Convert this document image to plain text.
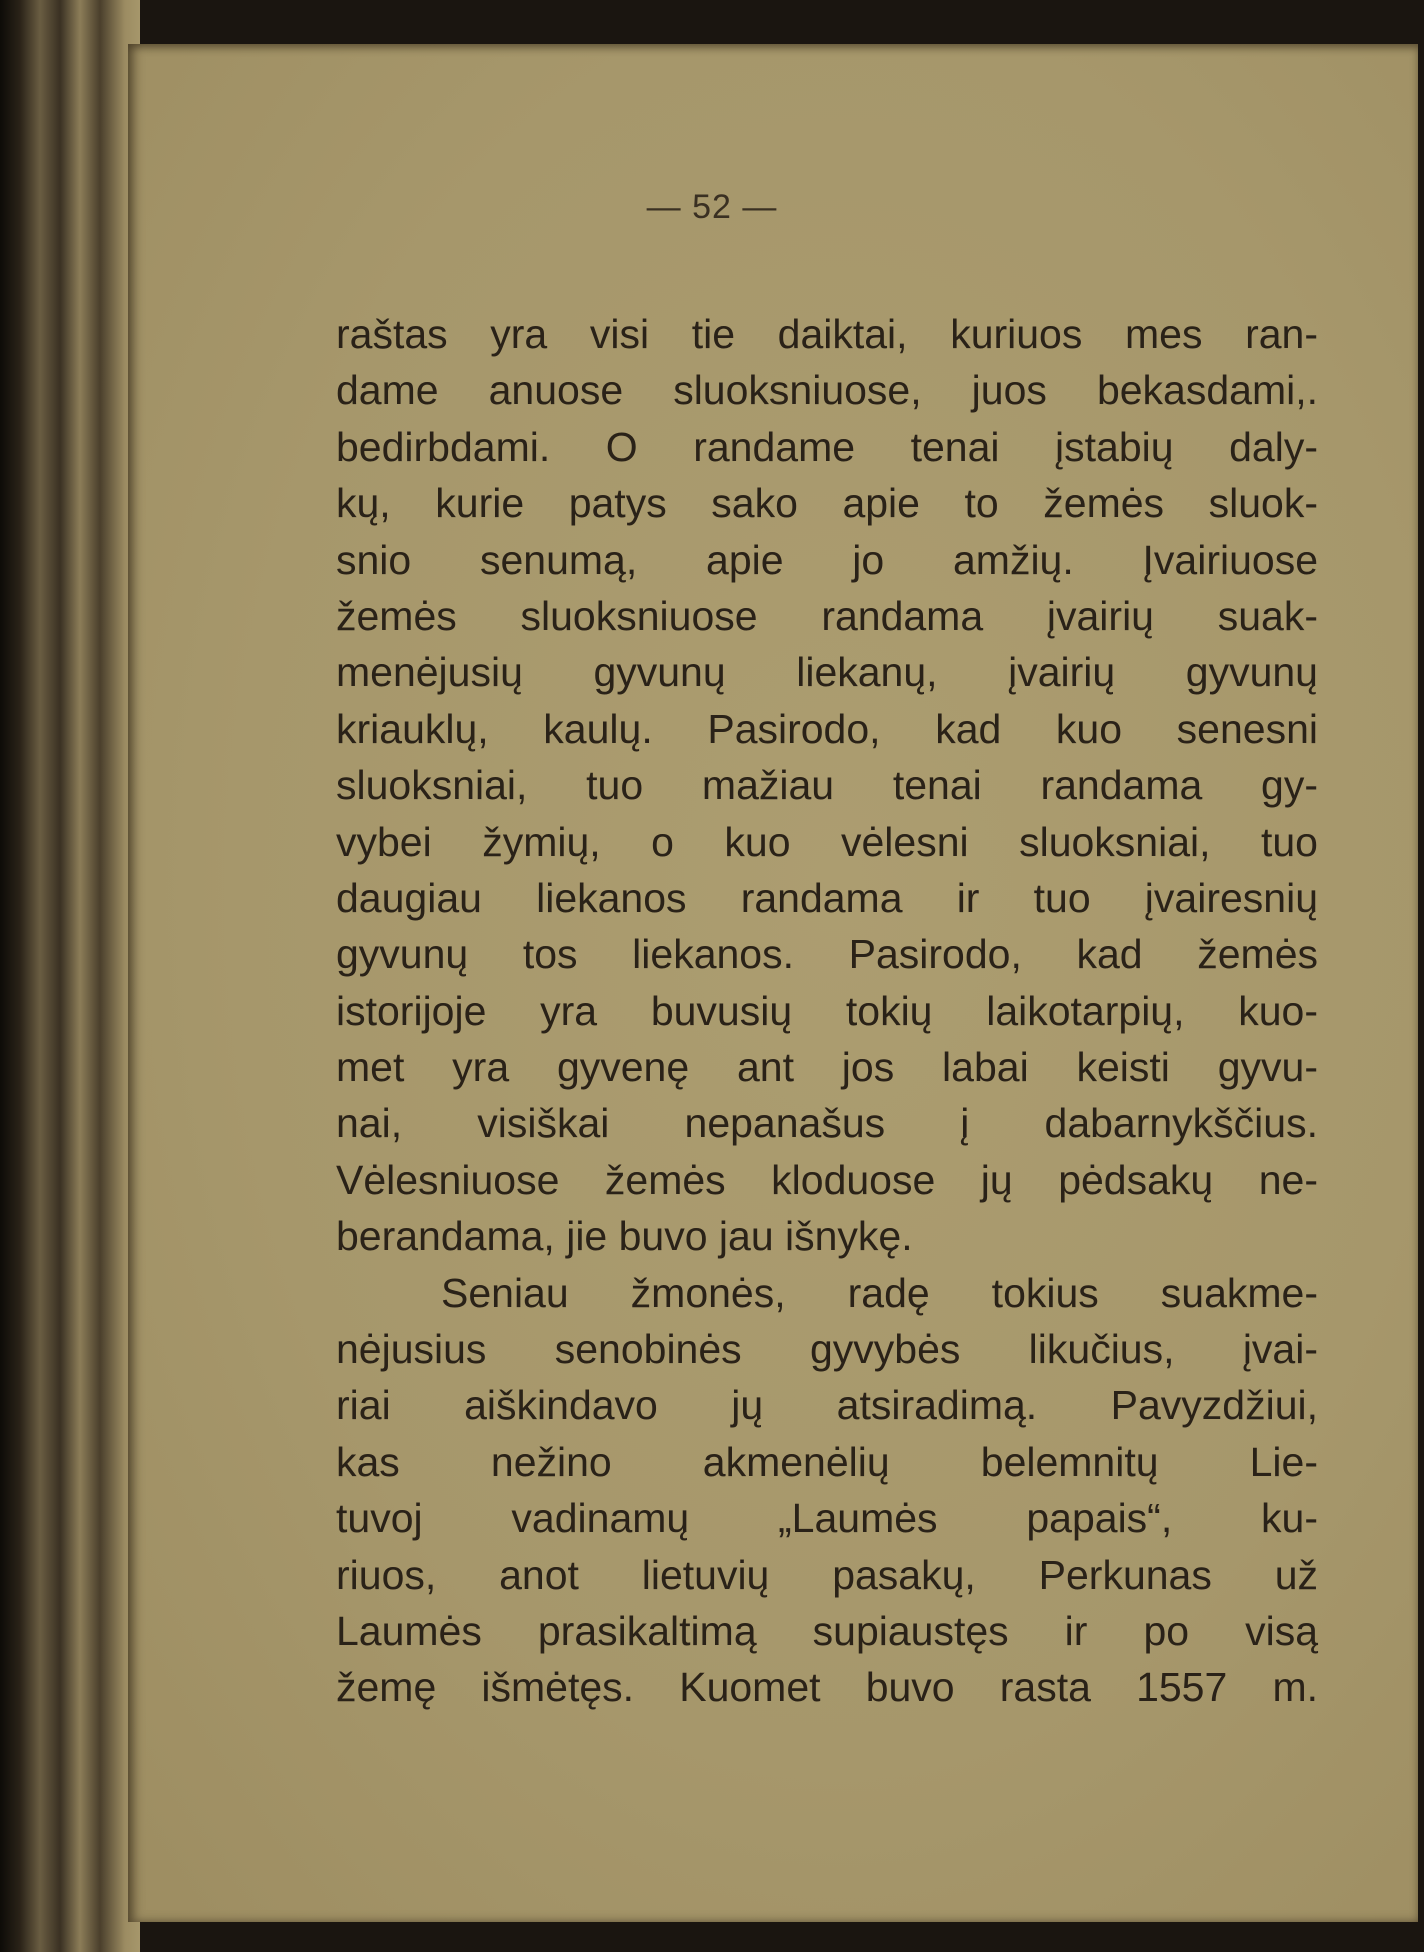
— 52 —
raštas yra visi tie daiktai, kuriuos mes ran-
dame anuose sluoksniuose, juos bekasdami,.
bedirbdami. O randame tenai įstabių daly-
kų, kurie patys sako apie to žemės sluok-
snio senumą, apie jo amžių. Įvairiuose
žemės sluoksniuose randama įvairių suak-
menėjusių gyvunų liekanų, įvairių gyvunų
kriauklų, kaulų. Pasirodo, kad kuo senesni
sluoksniai, tuo mažiau tenai randama gy-
vybei žymių, o kuo vėlesni sluoksniai, tuo
daugiau liekanos randama ir tuo įvairesnių
gyvunų tos liekanos. Pasirodo, kad žemės
istorijoje yra buvusių tokių laikotarpių, kuo-
met yra gyvenę ant jos labai keisti gyvu-
nai, visiškai nepanašus į dabarnykščius.
Vėlesniuose žemės kloduose jų pėdsakų ne-
berandama, jie buvo jau išnykę.
Seniau žmonės, radę tokius suakme-
nėjusius senobinės gyvybės likučius, įvai-
riai aiškindavo jų atsiradimą. Pavyzdžiui,
kas nežino akmenėlių belemnitų Lie-
tuvoj vadinamų „Laumės papais“, ku-
riuos, anot lietuvių pasakų, Perkunas už
Laumės prasikaltimą supiaustęs ir po visą
žemę išmėtęs. Kuomet buvo rasta 1557 m.
